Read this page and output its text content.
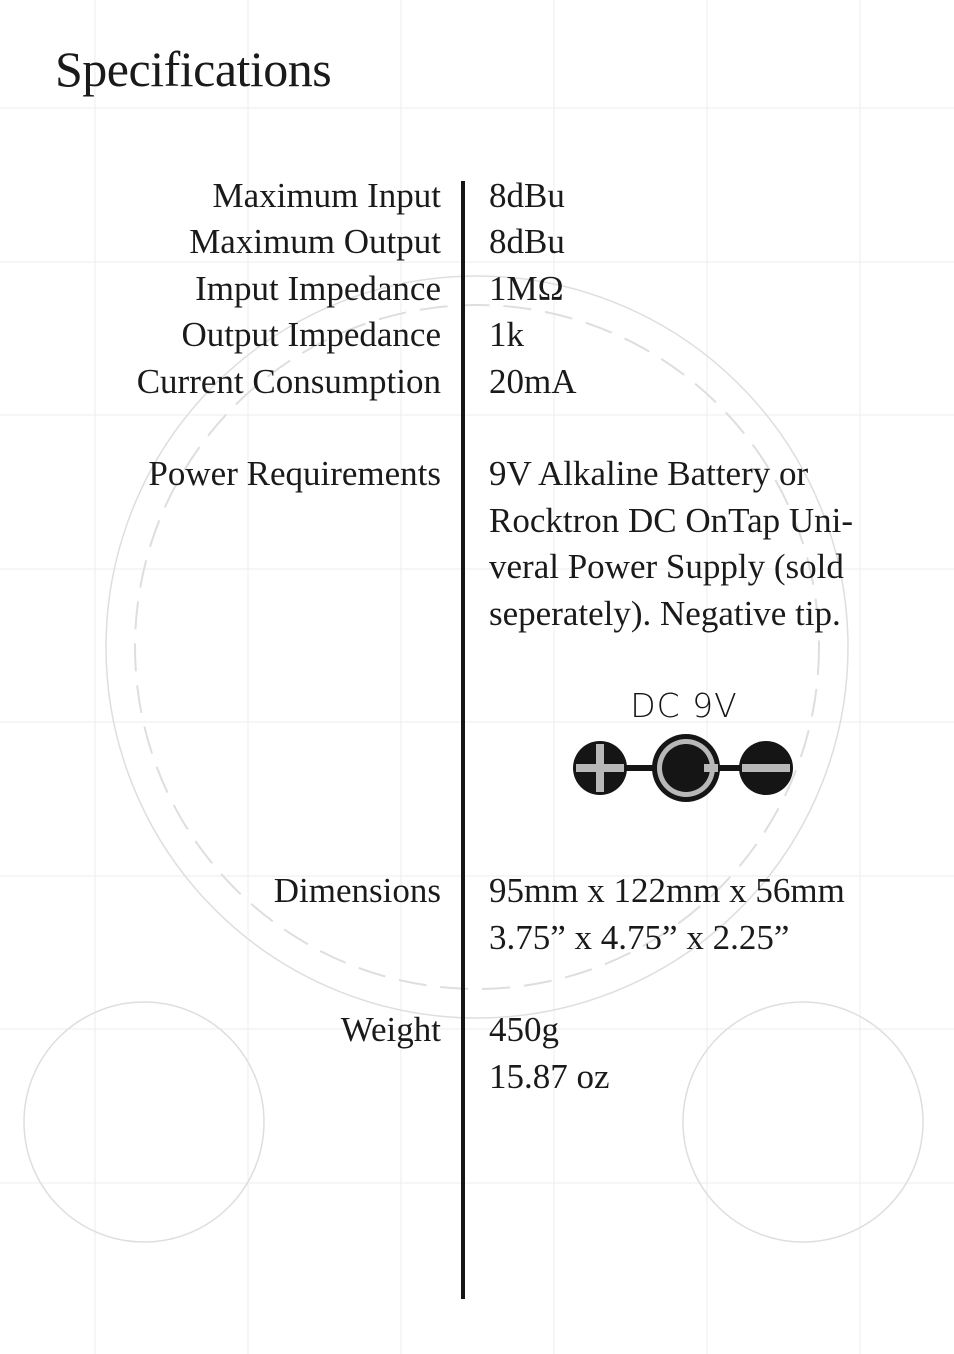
Specifications
Maximum Input 8dBu
Maximum Output 8dBu
Imput Impedance 1MΩ
Output Impedance 1k
Current Consumption 20mA
Power Requirements 9V Alkaline Battery or
Rocktron DC OnTap Uni-
veral Power Supply (sold
seperately). Negative tip.
DC 9V
Dimensions 95mm x 122mm x 56mm
3.75” x 4.75” x 2.25”
Weight 450g
15.87 oz
